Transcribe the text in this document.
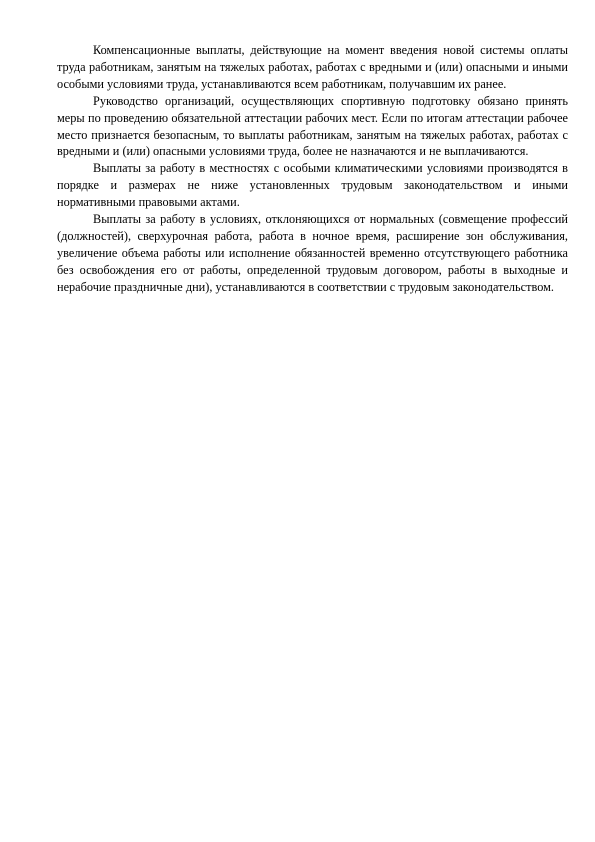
Компенсационные выплаты, действующие на момент введения новой системы оплаты труда работникам, занятым на тяжелых работах, работах с вредными и (или) опасными и иными особыми условиями труда, устанавливаются всем работникам, получавшим их ранее.

Руководство организаций, осуществляющих спортивную подготовку обязано принять меры по проведению обязательной аттестации рабочих мест. Если по итогам аттестации рабочее место признается безопасным, то выплаты работникам, занятым на тяжелых работах, работах с вредными и (или) опасными условиями труда, более не назначаются и не выплачиваются.

Выплаты за работу в местностях с особыми климатическими условиями производятся в порядке и размерах не ниже установленных трудовым законодательством и иными нормативными правовыми актами.

Выплаты за работу в условиях, отклоняющихся от нормальных (совмещение профессий (должностей), сверхурочная работа, работа в ночное время, расширение зон обслуживания, увеличение объема работы или исполнение обязанностей временно отсутствующего работника без освобождения его от работы, определенной трудовым договором, работы в выходные и нерабочие праздничные дни), устанавливаются в соответствии с трудовым законодательством.
